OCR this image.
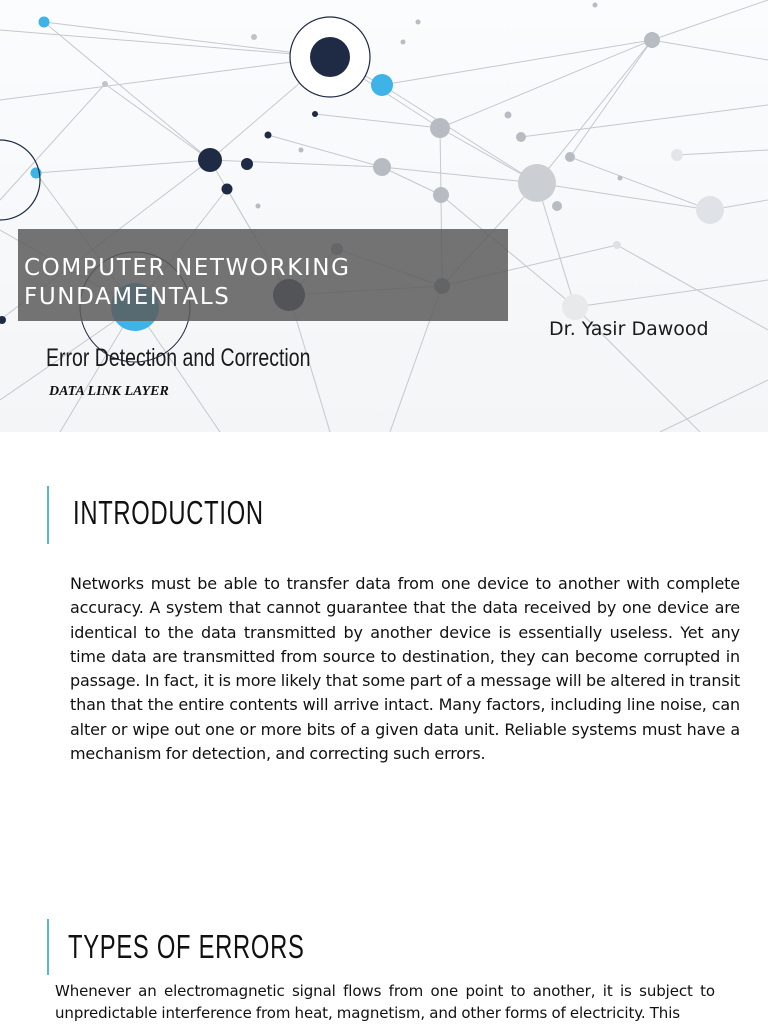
COMPUTER NETWORKING
FUNDAMENTALS
Dr. Yasir Dawood
Error Detection and Correction
DATA LINK LAYER
INTRODUCTION

Networks must be able to transfer data from one device to another with complete accuracy. A system that cannot guarantee that the data received by one device are identical to the data transmitted by another device is essentially useless. Yet any time data are transmitted from source to destination, they can become corrupted in passage. In fact, it is more likely that some part of a message will be altered in transit than that the entire contents will arrive intact. Many factors, including line noise, can alter or wipe out one or more bits of a given data unit. Reliable systems must have a mechanism for detection, and correcting such errors.

TYPES OF ERRORS

Whenever an electromagnetic signal flows from one point to another, it is subject to unpredictable interference from heat, magnetism, and other forms of electricity. This
